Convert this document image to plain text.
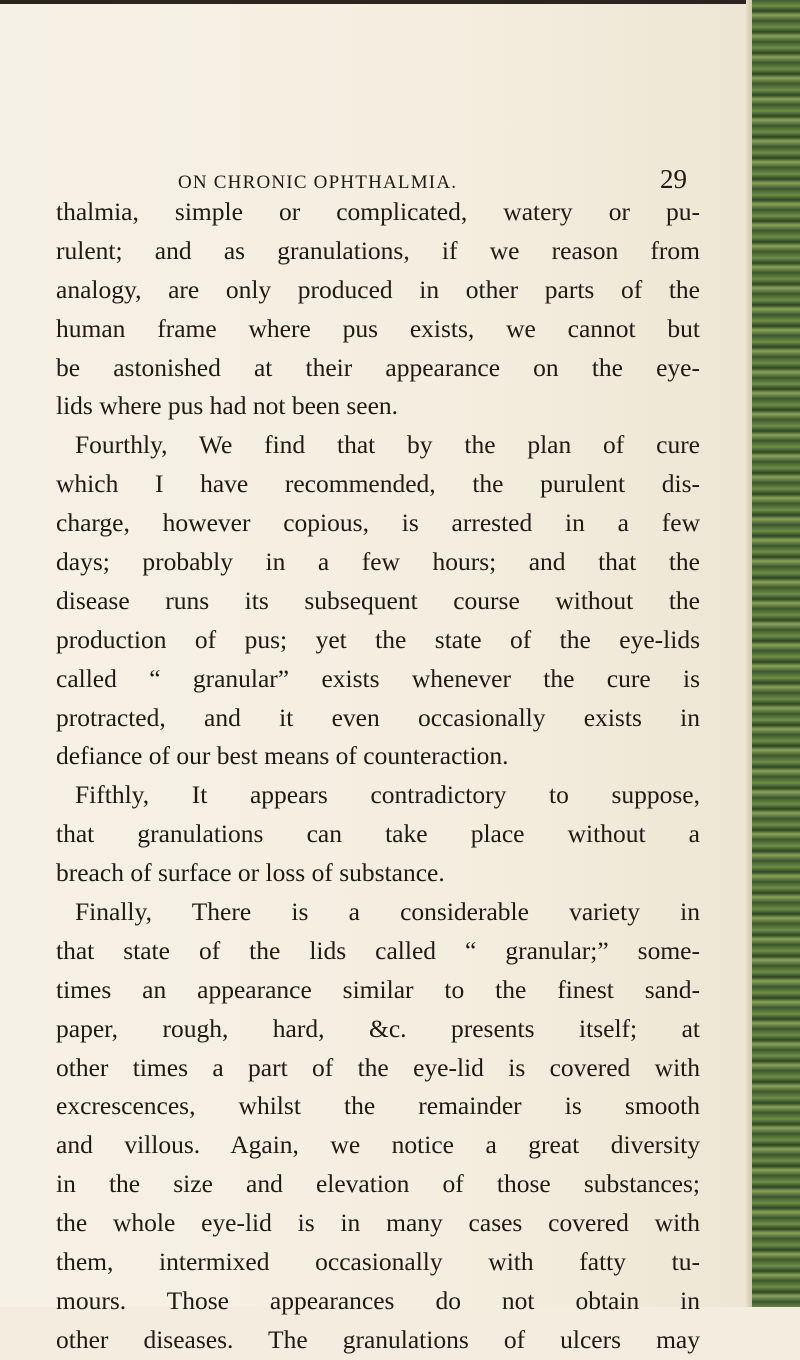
ON CHRONIC OPHTHALMIA.	29
thalmia, simple or complicated, watery or pu-
rulent; and as granulations, if we reason from
analogy, are only produced in other parts of the
human frame where pus exists, we cannot but
be astonished at their appearance on the eye-
lids where pus had not been seen.
Fourthly, We find that by the plan of cure
which I have recommended, the purulent dis-
charge, however copious, is arrested in a few
days; probably in a few hours; and that the
disease runs its subsequent course without the
production of pus; yet the state of the eye-lids
called “ granular” exists whenever the cure is
protracted, and it even occasionally exists in
defiance of our best means of counteraction.
Fifthly, It appears contradictory to suppose,
that granulations can take place without a
breach of surface or loss of substance.
Finally, There is a considerable variety in
that state of the lids called “ granular;” some-
times an appearance similar to the finest sand-
paper, rough, hard, &c. presents itself; at
other times a part of the eye-lid is covered with
excrescences, whilst the remainder is smooth
and villous. Again, we notice a great diversity
in the size and elevation of those substances;
the whole eye-lid is in many cases covered with
them, intermixed occasionally with fatty tu-
mours. Those appearances do not obtain in
other diseases. The granulations of ulcers may
